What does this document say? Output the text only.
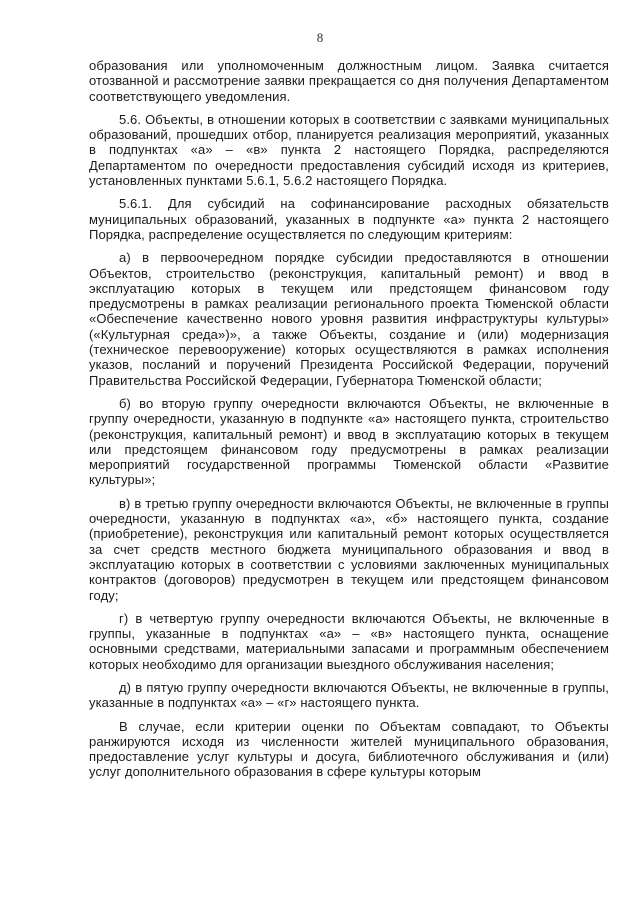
8

образования или уполномоченным должностным лицом. Заявка считается отозванной и рассмотрение заявки прекращается со дня получения Департаментом соответствующего уведомления.

5.6. Объекты, в отношении которых в соответствии с заявками муниципальных образований, прошедших отбор, планируется реализация мероприятий, указанных в подпунктах «а» – «в» пункта 2 настоящего Порядка, распределяются Департаментом по очередности предоставления субсидий исходя из критериев, установленных пунктами 5.6.1, 5.6.2 настоящего Порядка.

5.6.1. Для субсидий на софинансирование расходных обязательств муниципальных образований, указанных в подпункте «а» пункта 2 настоящего Порядка, распределение осуществляется по следующим критериям:

а) в первоочередном порядке субсидии предоставляются в отношении Объектов, строительство (реконструкция, капитальный ремонт) и ввод в эксплуатацию которых в текущем или предстоящем финансовом году предусмотрены в рамках реализации регионального проекта Тюменской области «Обеспечение качественно нового уровня развития инфраструктуры культуры» («Культурная среда»)», а также Объекты, создание и (или) модернизация (техническое перевооружение) которых осуществляются в рамках исполнения указов, посланий и поручений Президента Российской Федерации, поручений Правительства Российской Федерации, Губернатора Тюменской области;

б) во вторую группу очередности включаются Объекты, не включенные в группу очередности, указанную в подпункте «а» настоящего пункта, строительство (реконструкция, капитальный ремонт) и ввод в эксплуатацию которых в текущем или предстоящем финансовом году предусмотрены в рамках реализации мероприятий государственной программы Тюменской области «Развитие культуры»;

в) в третью группу очередности включаются Объекты, не включенные в группы очередности, указанную в подпунктах «а», «б» настоящего пункта, создание (приобретение), реконструкция или капитальный ремонт которых осуществляется за счет средств местного бюджета муниципального образования и ввод в эксплуатацию которых в соответствии с условиями заключенных муниципальных контрактов (договоров) предусмотрен в текущем или предстоящем финансовом году;

г) в четвертую группу очередности включаются Объекты, не включенные в группы, указанные в подпунктах «а» – «в» настоящего пункта, оснащение основными средствами, материальными запасами и программным обеспечением которых необходимо для организации выездного обслуживания населения;

д) в пятую группу очередности включаются Объекты, не включенные в группы, указанные в подпунктах «а» – «г» настоящего пункта.

В случае, если критерии оценки по Объектам совпадают, то Объекты ранжируются исходя из численности жителей муниципального образования, предоставление услуг культуры и досуга, библиотечного обслуживания и (или) услуг дополнительного образования в сфере культуры которым
